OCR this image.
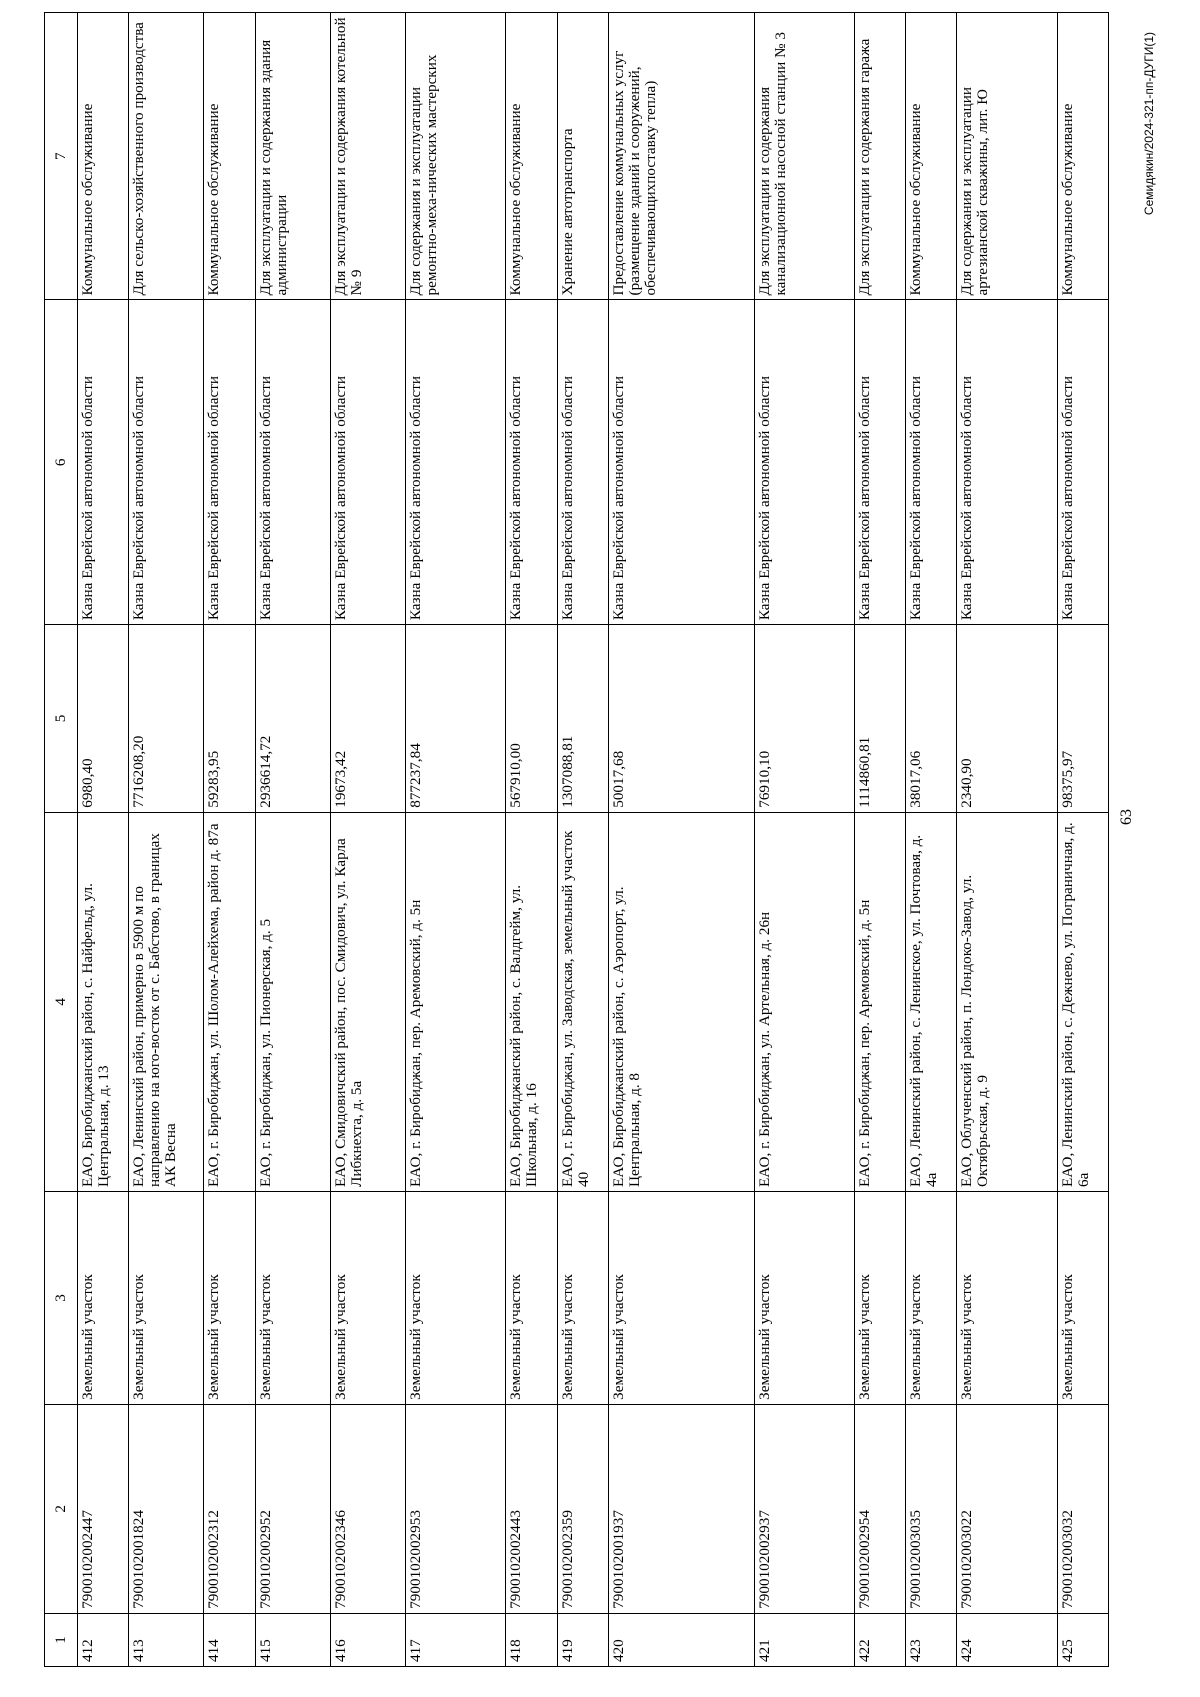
63
1	2	3	4	5	6	7
412	7900102002447	Земельный участок	ЕАО, Биробиджанский район, с. Найфельд, ул. Центральная, д. 13	6980,40	Казна Еврейской автономной области	Коммунальное обслуживание
413	7900102001824	Земельный участок	ЕАО, Ленинский район, примерно в 5900 м по направлению на юго-восток от с. Бабстово, в границах АК Весна	7716208,20	Казна Еврейской автономной области	Для сельско-хозяйственного производства
414	7900102002312	Земельный участок	ЕАО, г. Биробиджан, ул. Шолом-Алейхема, район д. 87а	59283,95	Казна Еврейской автономной области	Коммунальное обслуживание
415	7900102002952	Земельный участок	ЕАО, г. Биробиджан, ул. Пионерская, д. 5	2936614,72	Казна Еврейской автономной области	Для эксплуатации и содержания здания администрации
416	7900102002346	Земельный участок	ЕАО, Смидовичский район, пос. Смидович, ул. Карла Либкнехта, д. 5а	19673,42	Казна Еврейской автономной области	Для эксплуатации и содержания котельной № 9
417	7900102002953	Земельный участок	ЕАО, г. Биробиджан, пер. Аремовский, д. 5н	877237,84	Казна Еврейской автономной области	Для содержания и эксплуатации ремонтно-меха-нических мастерских
418	7900102002443	Земельный участок	ЕАО, Биробиджанский район, с. Валдгейм, ул. Школьная, д. 16	567910,00	Казна Еврейской автономной области	Коммунальное обслуживание
419	7900102002359	Земельный участок	ЕАО, г. Биробиджан, ул. Заводская, земельный участок 40	1307088,81	Казна Еврейской автономной области	Хранение автотранспорта
420	7900102001937	Земельный участок	ЕАО, Биробиджанский район, с. Аэропорт, ул. Центральная, д. 8	50017,68	Казна Еврейской автономной области	Предоставление коммунальных услуг (размещение зданий и сооружений, обеспечивающихпоставку тепла)
421	7900102002937	Земельный участок	ЕАО, г. Биробиджан, ул. Артельная, д. 26н	76910,10	Казна Еврейской автономной области	Для эксплуатации и содержания канализационной насосной станции № 3
422	7900102002954	Земельный участок	ЕАО, г. Биробиджан, пер. Аремовский, д. 5н	1114860,81	Казна Еврейской автономной области	Для эксплуатации и содержания гаража
423	7900102003035	Земельный участок	ЕАО, Ленинский район, с. Ленинское, ул. Почтовая, д. 4а	38017,06	Казна Еврейской автономной области	Коммунальное обслуживание
424	7900102003022	Земельный участок	ЕАО, Облученский район, п. Лондоко-Завод, ул. Октябрьская, д. 9	2340,90	Казна Еврейской автономной области	Для содержания и эксплуатации артезианской скважины, лит. Ю
425	7900102003032	Земельный участок	ЕАО, Ленинский район, с. Дежнево, ул. Пограничная, д. 6а	98375,97	Казна Еврейской автономной области	Коммунальное обслуживание	Семидякин/2024-321-пп-ДУГИ(1)
